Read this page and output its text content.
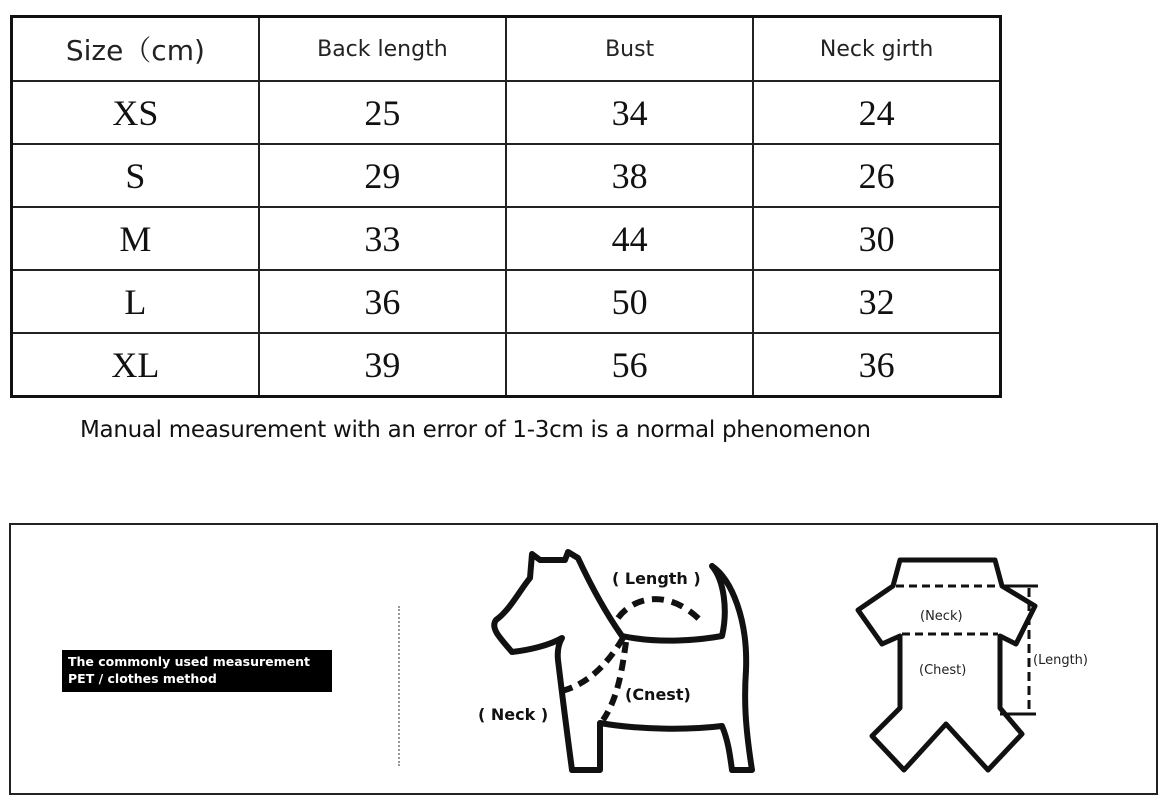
Size（cm)	Back length	Bust	Neck girth
XS	25	34	24
S	29	38	26
M	33	44	30
L	36	50	32
XL	39	56	36
Manual measurement with an error of 1-3cm is a normal phenomenon
The commonly used measurement
PET / clothes method
( Length )
( Neck )
(Cnest)
(Neck)
(Chest)
(Length)
